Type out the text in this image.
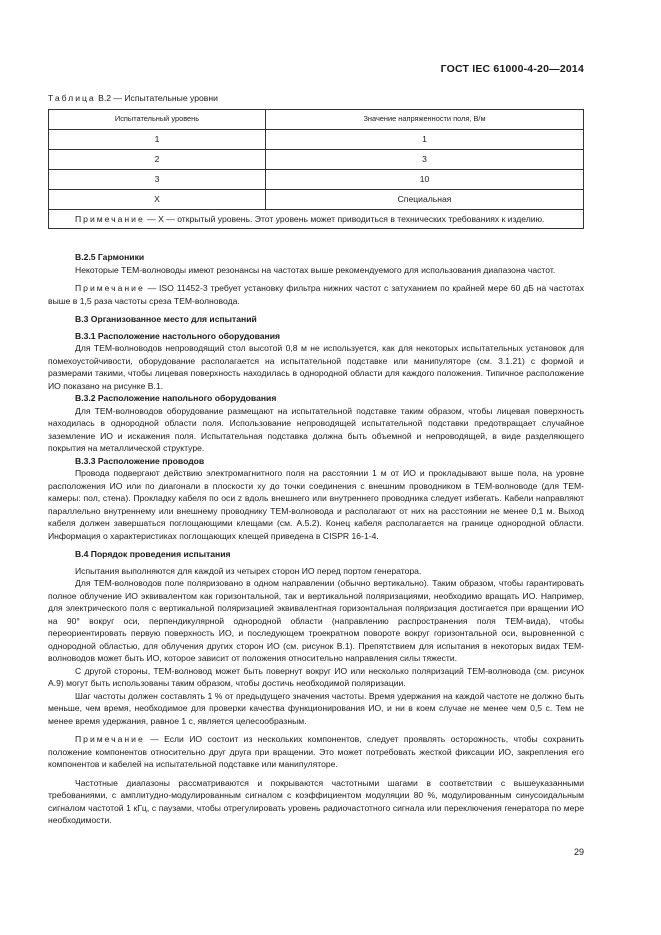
ГОСТ IEC 61000-4-20—2014
Таблица В.2 — Испытательные уровни
Испытательный уровень	Значение напряженности поля, В/м
1	1
2	3
3	10
X	Специальная
Примечание — X — открытый уровень. Этот уровень может приводиться в технических требованиях к изделию.	

В.2.5 Гармоники

Некоторые ТЕМ-волноводы имеют резонансы на частотах выше рекомендуемого для использования диапазона частот.

Примечание — ISO 11452-3 требует установку фильтра нижних частот с затуханием по крайней мере 60 дБ на частотах выше в 1,5 раза частоты среза ТЕМ-волновода.

В.3 Организованное место для испытаний

В.3.1 Расположение настольного оборудования

Для ТЕМ-волноводов непроводящий стол высотой 0,8 м не используется, как для некоторых испытательных установок для помехоустойчивости, оборудование располагается на испытательной подставке или манипуляторе (см. 3.1.21) с формой и размерами такими, чтобы лицевая поверхность находилась в однородной области для каждого положения. Типичное расположение ИО показано на рисунке В.1.

В.3.2 Расположение напольного оборудования

Для ТЕМ-волноводов оборудование размещают на испытательной подставке таким образом, чтобы лицевая поверхность находилась в однородной области поля. Использование непроводящей испытательной подставки предотвращает случайное заземление ИО и искажения поля. Испытательная подставка должна быть объемной и непроводящей, в виде разделяющего покрытия на металлической структуре.

В.3.3 Расположение проводов

Провода подвергают действию электромагнитного поля на расстоянии 1 м от ИО и прокладывают выше пола, на уровне расположения ИО или по диагонали в плоскости xy до точки соединения с внешним проводником в ТЕМ-волноводе (для ТЕМ-камеры: пол, стена). Прокладку кабеля по оси z вдоль внешнего или внутреннего проводника следует избегать. Кабели направляют параллельно внутреннему или внешнему проводнику ТЕМ-волновода и располагают от них на расстоянии не менее 0,1 м. Выход кабеля должен завершаться поглощающими клещами (см. А.5.2). Конец кабеля располагается на границе однородной области. Информация о характеристиках поглощающих клещей приведена в CISPR 16-1-4.

В.4 Порядок проведения испытания

Испытания выполняются для каждой из четырех сторон ИО перед портом генератора.

Для ТЕМ-волноводов поле поляризовано в одном направлении (обычно вертикально). Таким образом, чтобы гарантировать полное облучение ИО эквивалентом как горизонтальной, так и вертикальной поляризациями, необходимо вращать ИО. Например, для электрического поля с вертикальной поляризацией эквивалентная горизонтальная поляризация достигается при вращении ИО на 90° вокруг оси, перпендикулярной однородной области (направлению распространения поля ТЕМ-вида), чтобы переориентировать первую поверхность ИО, и последующем троекратном повороте вокруг горизонтальной оси, выровненной с однородной областью, для облучения других сторон ИО (см. рисунок В.1). Препятствием для испытания в некоторых видах ТЕМ-волноводов может быть ИО, которое зависит от положения относительно направления силы тяжести.

С другой стороны, ТЕМ-волновод может быть повернут вокруг ИО или несколько поляризаций ТЕМ-волновода (см. рисунок А.9) могут быть использованы таким образом, чтобы достичь необходимой поляризации.

Шаг частоты должен составлять 1 % от предыдущего значения частоты. Время удержания на каждой частоте не должно быть меньше, чем время, необходимое для проверки качества функционирования ИО, и ни в коем случае не менее чем 0,5 с. Тем не менее время удержания, равное 1 с, является целесообразным.

Примечание — Если ИО состоит из нескольких компонентов, следует проявлять осторожность, чтобы сохранить положение компонентов относительно друг друга при вращении. Это может потребовать жесткой фиксации ИО, закрепления его компонентов и кабелей на испытательной подставке или манипуляторе.

Частотные диапазоны рассматриваются и покрываются частотными шагами в соответствии с вышеуказанными требованиями, с амплитудно-модулированным сигналом с коэффициентом модуляции 80 %, модулированным синусоидальным сигналом частотой 1 кГц, с паузами, чтобы отрегулировать уровень радиочастотного сигнала или переключения генератора по мере необходимости.

29
